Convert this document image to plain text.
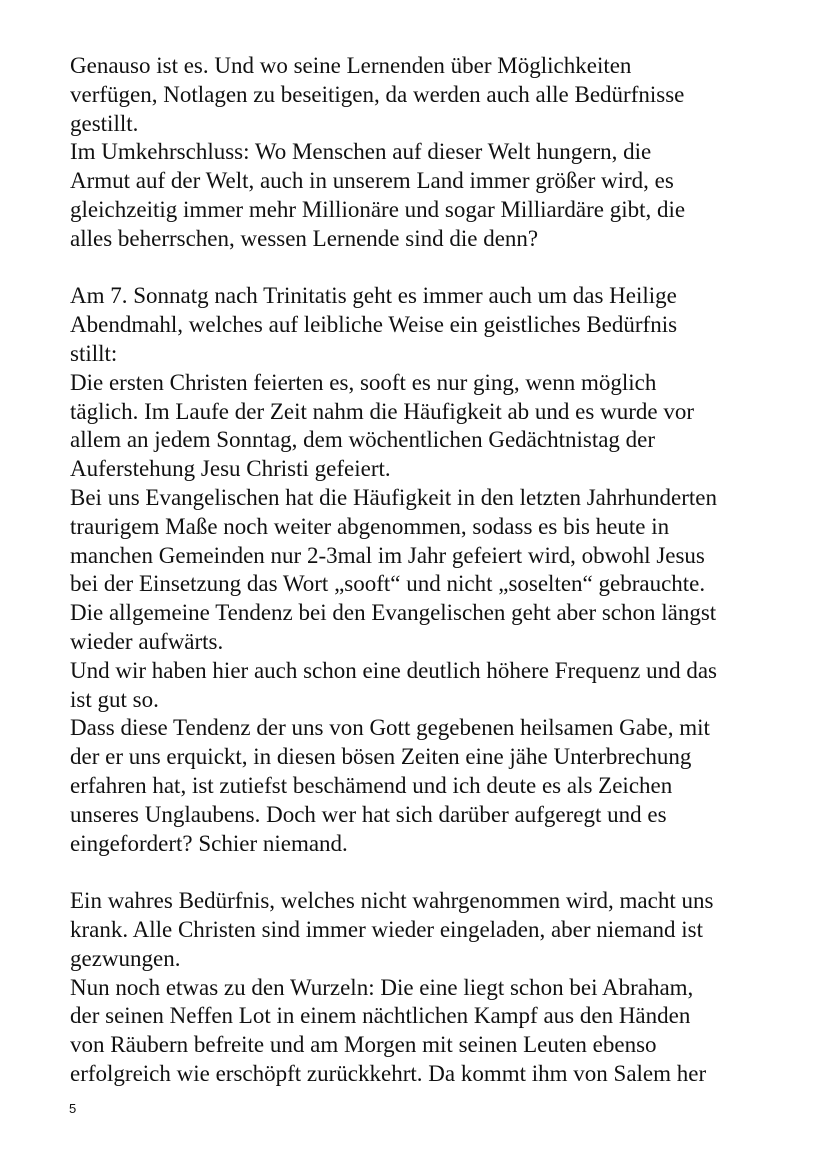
Genauso ist es. Und wo seine Lernenden über Möglichkeiten
verfügen, Notlagen zu beseitigen, da werden auch alle Bedürfnisse
gestillt.
Im Umkehrschluss: Wo Menschen auf dieser Welt hungern, die
Armut auf der Welt, auch in unserem Land immer größer wird, es
gleichzeitig immer mehr Millionäre und sogar Milliardäre gibt, die
alles beherrschen, wessen Lernende sind die denn?
Am 7. Sonnatg nach Trinitatis geht es immer auch um das Heilige
Abendmahl, welches auf leibliche Weise ein geistliches Bedürfnis
stillt:
Die ersten Christen feierten es, sooft es nur ging, wenn möglich
täglich. Im Laufe der Zeit nahm die Häufigkeit ab und es wurde vor
allem an jedem Sonntag, dem wöchentlichen Gedächtnistag der
Auferstehung Jesu Christi gefeiert.
Bei uns Evangelischen hat die Häufigkeit in den letzten Jahrhunderten
traurigem Maße noch weiter abgenommen, sodass es bis heute in
manchen Gemeinden nur 2-3mal im Jahr gefeiert wird, obwohl Jesus
bei der Einsetzung das Wort „sooft“ und nicht „soselten“ gebrauchte.
Die allgemeine Tendenz bei den Evangelischen geht aber schon längst
wieder aufwärts.
Und wir haben hier auch schon eine deutlich höhere Frequenz und das
ist gut so.
Dass diese Tendenz der uns von Gott gegebenen heilsamen Gabe, mit
der er uns erquickt, in diesen bösen Zeiten eine jähe Unterbrechung
erfahren hat, ist zutiefst beschämend und ich deute es als Zeichen
unseres Unglaubens. Doch wer hat sich darüber aufgeregt und es
eingefordert? Schier niemand.
Ein wahres Bedürfnis, welches nicht wahrgenommen wird, macht uns
krank. Alle Christen sind immer wieder eingeladen, aber niemand ist
gezwungen.
Nun noch etwas zu den Wurzeln: Die eine liegt schon bei Abraham,
der seinen Neffen Lot in einem nächtlichen Kampf aus den Händen
von Räubern befreite und am Morgen mit seinen Leuten ebenso
erfolgreich wie erschöpft zurückkehrt. Da kommt ihm von Salem her
5
